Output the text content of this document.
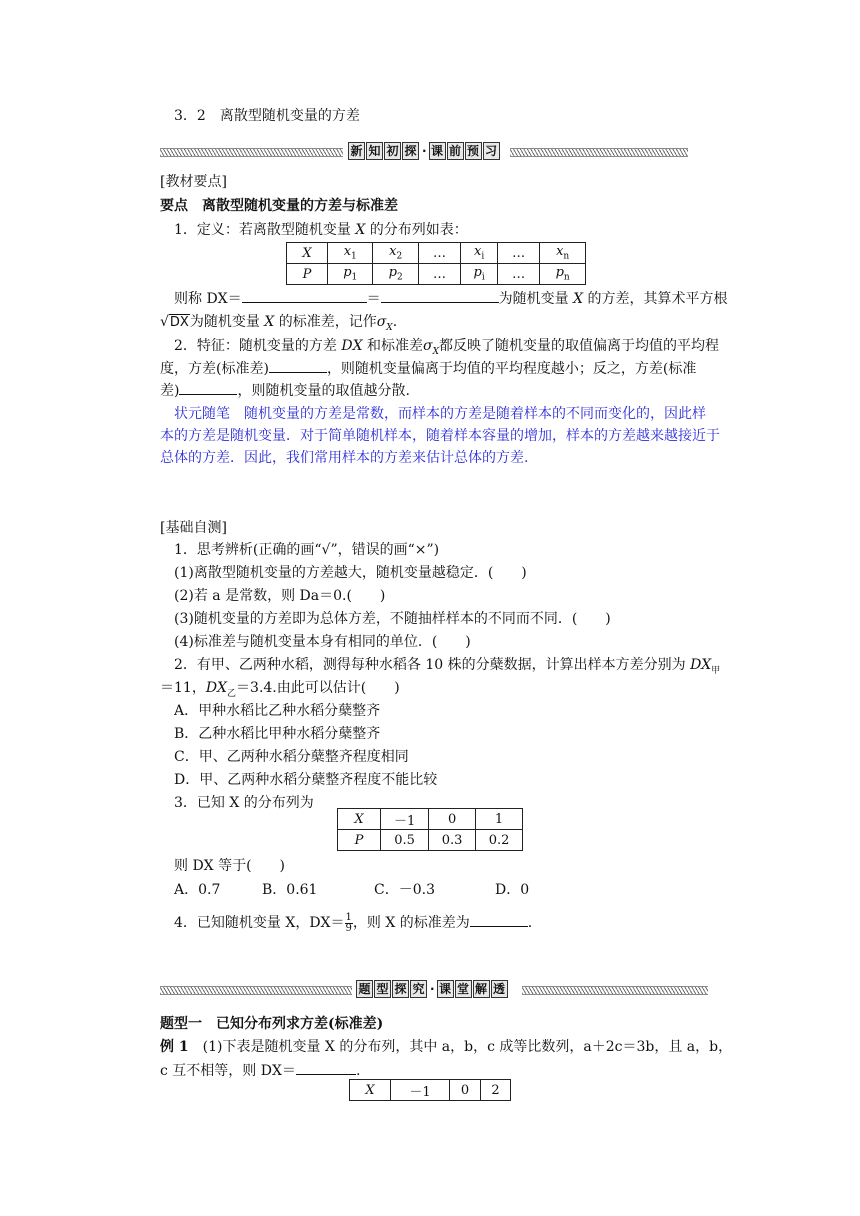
3．2　离散型随机变量的方差
新 知 初 探 · 课 前 预 习
[教材要点]
要点　离散型随机变量的方差与标准差
1．定义：若离散型随机变量 X 的分布列如表：
X	$x_1$	$x_2$	…	$x_i$	…	$x_n$
P	$p_1$	$p_2$	…	$p_i$	…	$p_n$
则称 DX＝	＝	为随机变量 X 的方差，其算术平方根
√DX为随机变量 X 的标准差，记作$\sigma_X$.
2．特征：随机变量的方差 DX 和标准差$\sigma_X$都反映了随机变量的取值偏离于均值的平均程
度，方差(标准差)	，则随机变量偏离于均值的平均程度越小；反之，方差(标准
差)	，则随机变量的取值越分散.
状元随笔　随机变量的方差是常数，而样本的方差是随着样本的不同而变化的，因此样
本的方差是随机变量．对于简单随机样本，随着样本容量的增加，样本的方差越来越接近于
总体的方差．因此，我们常用样本的方差来估计总体的方差.
[基础自测]
1．思考辨析(正确的画“√”，错误的画“×”)
(1)离散型随机变量的方差越大，随机变量越稳定．(　　)
(2)若 a 是常数，则 Da＝0.(　　)
(3)随机变量的方差即为总体方差，不随抽样样本的不同而不同．(　　)
(4)标准差与随机变量本身有相同的单位．(　　)
2．有甲、乙两种水稻，测得每种水稻各 10 株的分蘖数据，计算出样本方差分别为 $DX_甲$
＝11，$DX_乙=3.4$.由此可以估计(　　)
A．甲种水稻比乙种水稻分蘖整齐
B．乙种水稻比甲种水稻分蘖整齐
C．甲、乙两种水稻分蘖整齐程度相同
D．甲、乙两种水稻分蘖整齐程度不能比较
3．已知 X 的分布列为
X	－1	0	1
P	0.5	0.3	0.2
则 DX 等于(　　)
A．0.7	B．0.61	C．－0.3	D．0
4．已知随机变量 X，$DX= \frac{1}{9}$ ，则 X 的标准差为	.
题 型 探 究 · 课 堂 解 透
题型一　已知分布列求方差(标准差)
例 1　 (1)下表是随机变量 X 的分布列，其中 a，b，c 成等比数列，a＋2c＝3b，且 a，b，
c 互不相等，则 DX＝	.
X	－1	0	2
